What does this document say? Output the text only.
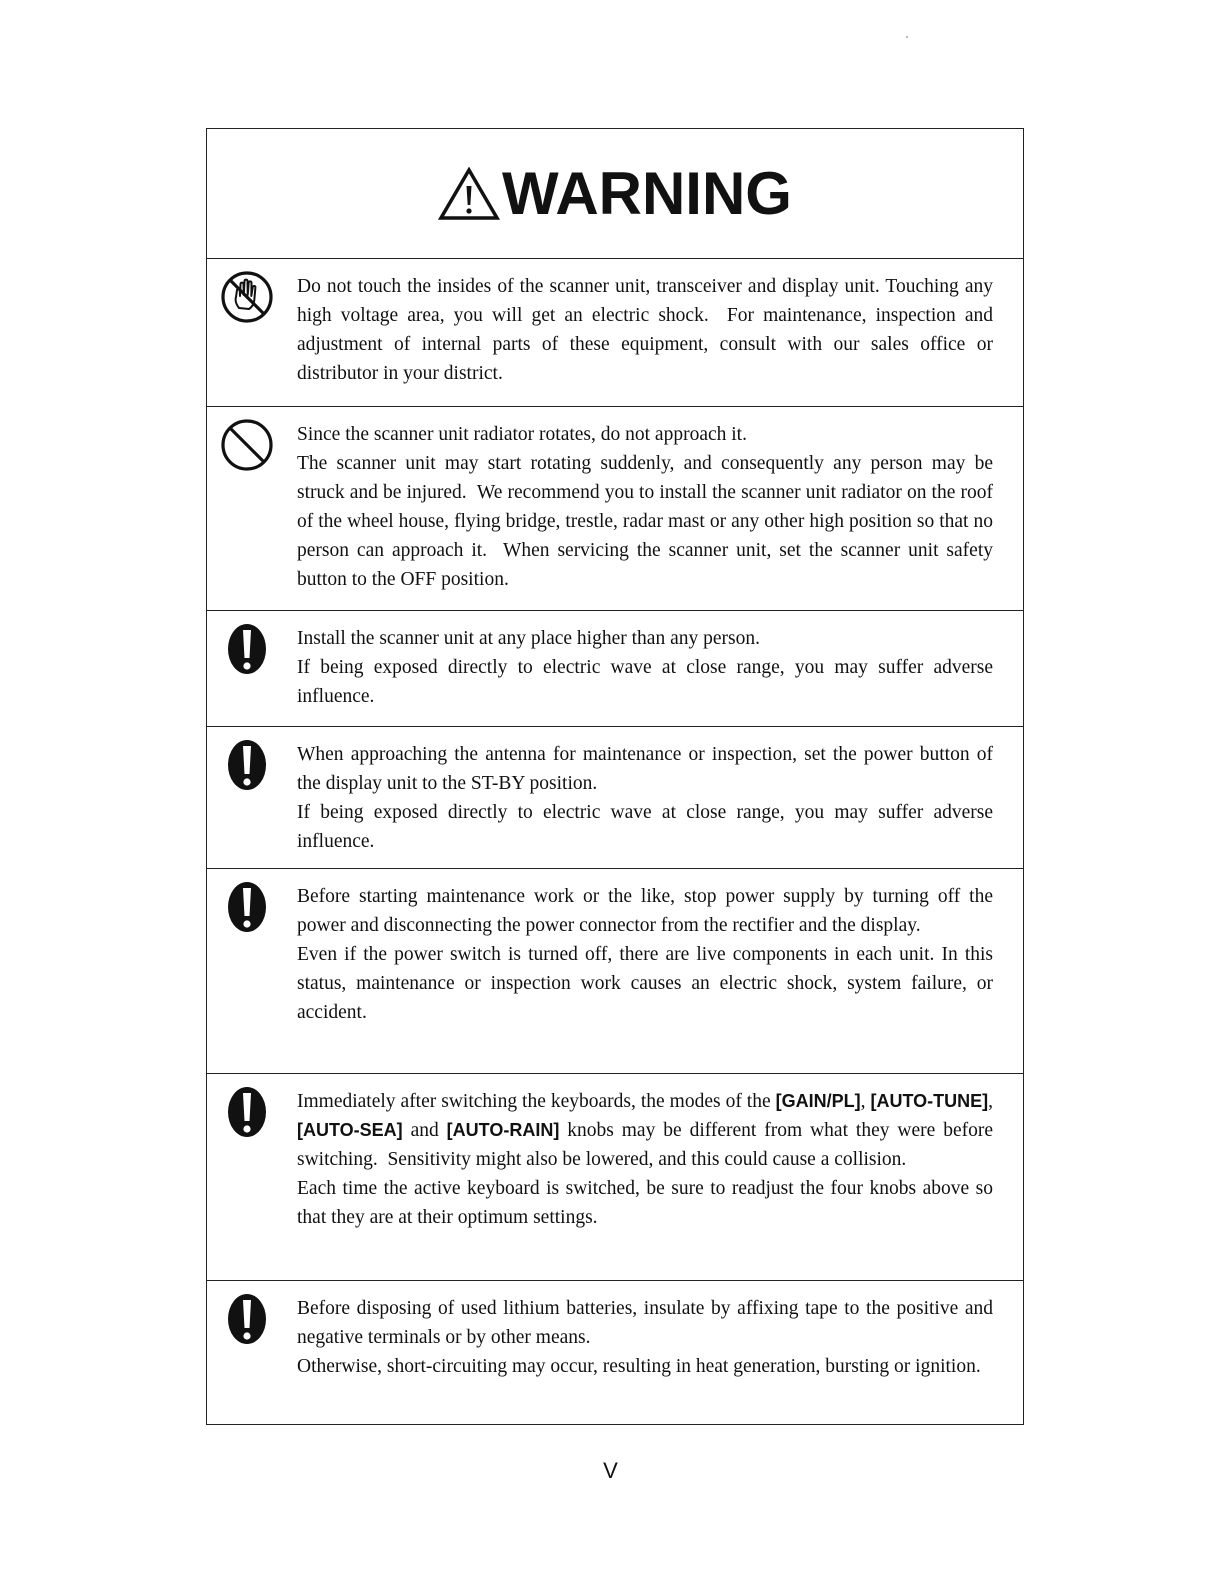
WARNING

Do not touch the insides of the scanner unit, transceiver and display unit. Touching any high voltage area, you will get an electric shock.  For maintenance, inspection and adjustment of internal parts of these equipment, consult with our sales office or distributor in your district.

Since the scanner unit radiator rotates, do not approach it.

The scanner unit may start rotating suddenly, and consequently any person may be struck and be injured.  We recommend you to install the scanner unit radiator on the roof of the wheel house, flying bridge, trestle, radar mast or any other high position so that no person can approach it.  When servicing the scanner unit, set the scanner unit safety button to the OFF position.

Install the scanner unit at any place higher than any person.

If being exposed directly to electric wave at close range, you may suffer adverse influence.

When approaching the antenna for maintenance or inspection, set the power button of the display unit to the ST-BY position.

If being exposed directly to electric wave at close range, you may suffer adverse influence.

Before starting maintenance work or the like, stop power supply by turning off the power and disconnecting the power connector from the rectifier and the display.

Even if the power switch is turned off, there are live components in each unit. In this status, maintenance or inspection work causes an electric shock, system failure, or accident.

Immediately after switching the keyboards, the modes of the [GAIN/PL], [AUTO-TUNE], [AUTO-SEA] and [AUTO-RAIN] knobs may be different from what they were before switching.  Sensitivity might also be lowered, and this could cause a collision.

Each time the active keyboard is switched, be sure to readjust the four knobs above so that they are at their optimum settings.

Before disposing of used lithium batteries, insulate by affixing tape to the positive and negative terminals or by other means.

Otherwise, short-circuiting may occur, resulting in heat generation, bursting or ignition.

V
